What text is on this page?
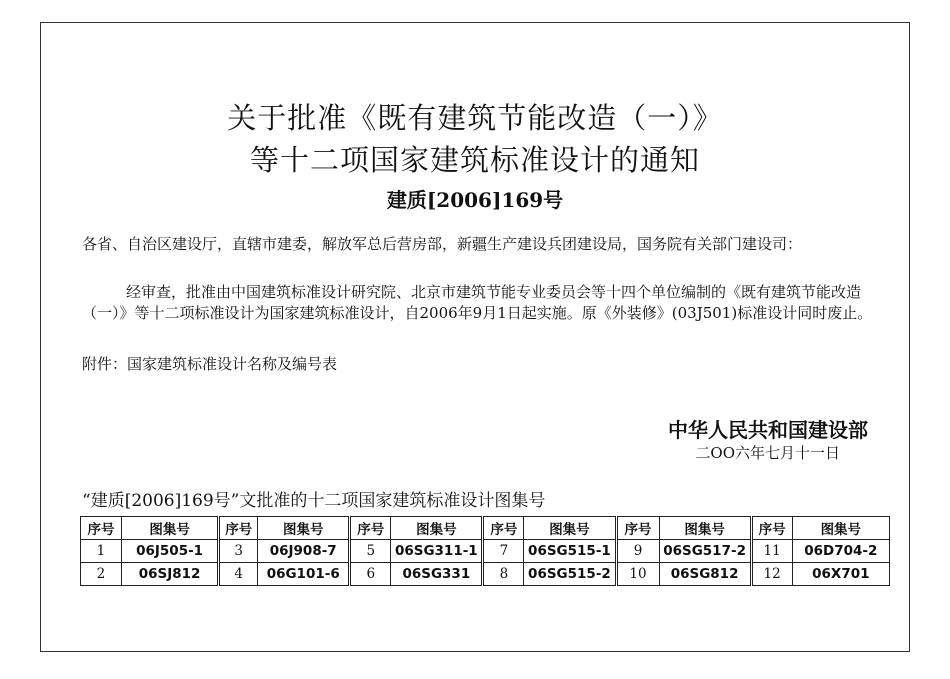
关于批准《既有建筑节能改造（一）》
等十二项国家建筑标准设计的通知
建质[2006]169号
各省、自治区建设厅，直辖市建委，解放军总后营房部，新疆生产建设兵团建设局，国务院有关部门建设司：
经审查，批准由中国建筑标准设计研究院、北京市建筑节能专业委员会等十四个单位编制的《既有建筑节能改造（一）》等十二项标准设计为国家建筑标准设计，自2006年9月1日起实施。原《外装修》(03J501)标准设计同时废止。
附件：国家建筑标准设计名称及编号表
中华人民共和国建设部
二OO六年七月十一日
“建质[2006]169号”文批准的十二项国家建筑标准设计图集号
序号	图集号	序号	图集号	序号	图集号	序号	图集号	序号	图集号	序号	图集号
1	06J505-1	3	06J908-7	5	06SG311-1	7	06SG515-1	9	06SG517-2	11	06D704-2
2	06SJ812	4	06G101-6	6	06SG331	8	06SG515-2	10	06SG812	12	06X701
